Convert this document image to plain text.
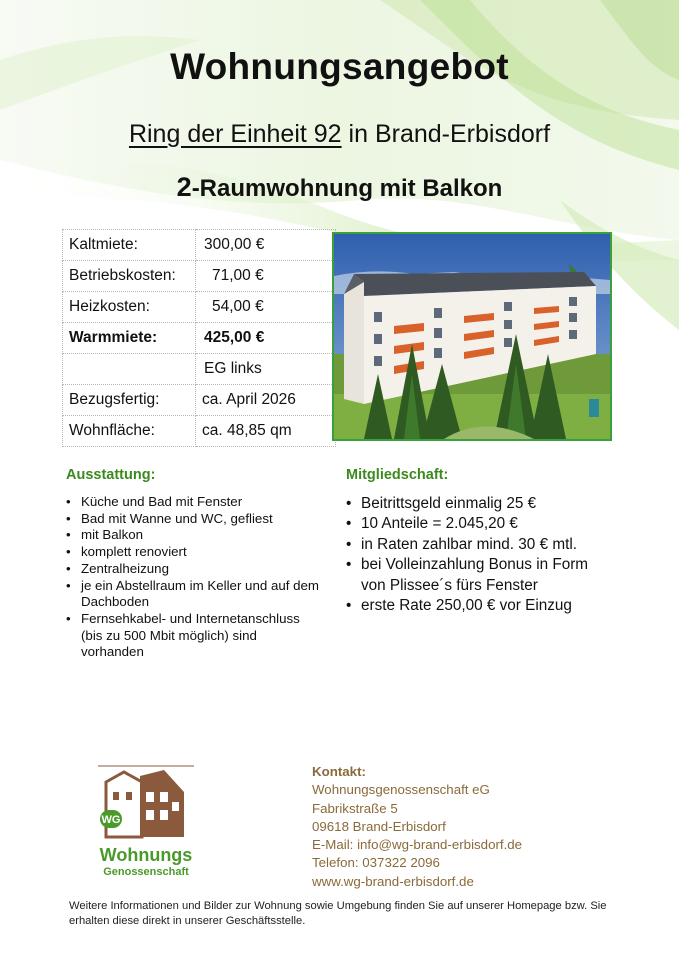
Wohnungsangebot
Ring der Einheit 92 in Brand-Erbisdorf
2-Raumwohnung mit Balkon
Kaltmiete:	300,00 €
Betriebskosten:	71,00 €
Heizkosten:	54,00 €
Warmmiete:	425,00 €
	EG links
Bezugsfertig:	ca. April 2026
Wohnfläche:	ca. 48,85 qm
Ausstattung:
• Küche und Bad mit Fenster
• Bad mit Wanne und WC, gefliest
• mit Balkon
• komplett renoviert
• Zentralheizung
• je ein Abstellraum im Keller und auf dem Dachboden
• Fernsehkabel- und Internetanschluss (bis zu 500 Mbit möglich) sind vorhanden
Mitgliedschaft:
• Beitrittsgeld einmalig 25 €
• 10 Anteile = 2.045,20 €
• in Raten zahlbar mind. 30 € mtl.
• bei Volleinzahlung Bonus in Form von Plissee´s fürs Fenster
• erste Rate 250,00 € vor Einzug
WG
Wohnungs
Genossenschaft
Kontakt:
Wohnungsgenossenschaft eG
Fabrikstraße 5
09618 Brand-Erbisdorf
E-Mail: info@wg-brand-erbisdorf.de
Telefon: 037322 2096
www.wg-brand-erbisdorf.de
Weitere Informationen und Bilder zur Wohnung sowie Umgebung finden Sie auf unserer Homepage bzw. Sie erhalten diese direkt in unserer Geschäftsstelle.
